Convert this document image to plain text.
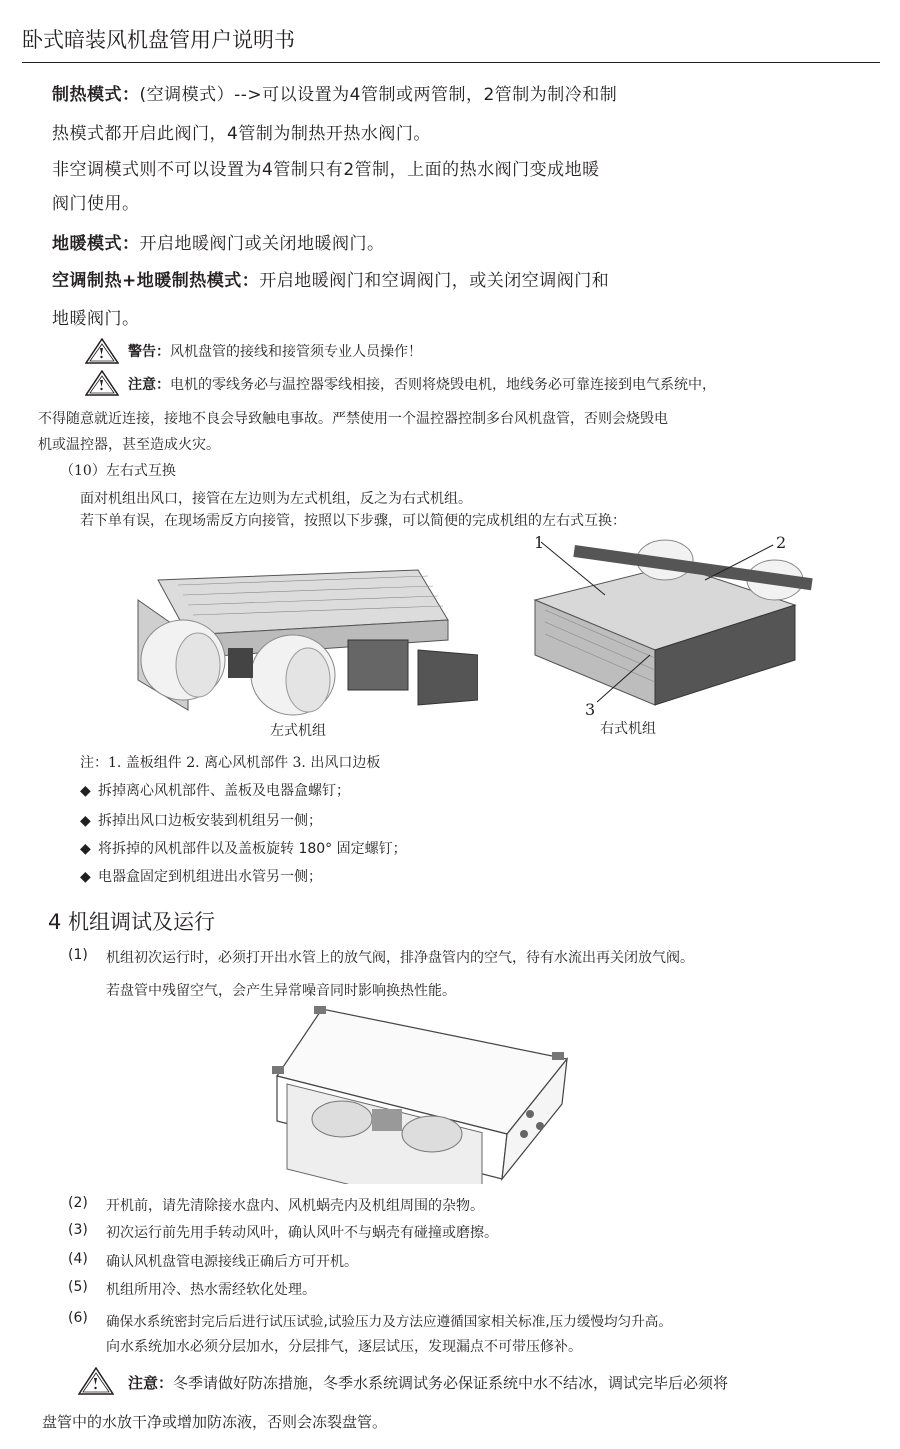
卧式暗装风机盘管用户说明书
制热模式：(空调模式）-->可以设置为4管制或两管制，2管制为制冷和制
热模式都开启此阀门，4管制为制热开热水阀门。
非空调模式则不可以设置为4管制只有2管制，上面的热水阀门变成地暖
阀门使用。
地暖模式：开启地暖阀门或关闭地暖阀门。
空调制热+地暖制热模式：开启地暖阀门和空调阀门，或关闭空调阀门和
地暖阀门。
警告：风机盘管的接线和接管须专业人员操作！
注意：电机的零线务必与温控器零线相接，否则将烧毁电机，地线务必可靠连接到电气系统中，
不得随意就近连接，接地不良会导致触电事故。严禁使用一个温控器控制多台风机盘管，否则会烧毁电
机或温控器，甚至造成火灾。
（10）左右式互换
面对机组出风口，接管在左边则为左式机组，反之为右式机组。
若下单有误，在现场需反方向接管，按照以下步骤，可以简便的完成机组的左右式互换：
左式机组
1	2
3
右式机组
注：1. 盖板组件 2. 离心风机部件 3. 出风口边板
◆ 拆掉离心风机部件、盖板及电器盒螺钉；
◆ 拆掉出风口边板安装到机组另一侧；
◆ 将拆掉的风机部件以及盖板旋转 180° 固定螺钉；
◆ 电器盒固定到机组进出水管另一侧；
4 机组调试及运行
(1) 机组初次运行时，必须打开出水管上的放气阀，排净盘管内的空气，待有水流出再关闭放气阀。
若盘管中残留空气，会产生异常噪音同时影响换热性能。
(2) 开机前，请先清除接水盘内、风机蜗壳内及机组周围的杂物。
(3) 初次运行前先用手转动风叶，确认风叶不与蜗壳有碰撞或磨擦。
(4) 确认风机盘管电源接线正确后方可开机。
(5) 机组所用冷、热水需经软化处理。
(6) 确保水系统密封完后后进行试压试验,试验压力及方法应遵循国家相关标准,压力缓慢均匀升高。
向水系统加水必须分层加水，分层排气，逐层试压，发现漏点不可带压修补。
注意：冬季请做好防冻措施，冬季水系统调试务必保证系统中水不结冰，调试完毕后必须将
盘管中的水放干净或增加防冻液，否则会冻裂盘管。
